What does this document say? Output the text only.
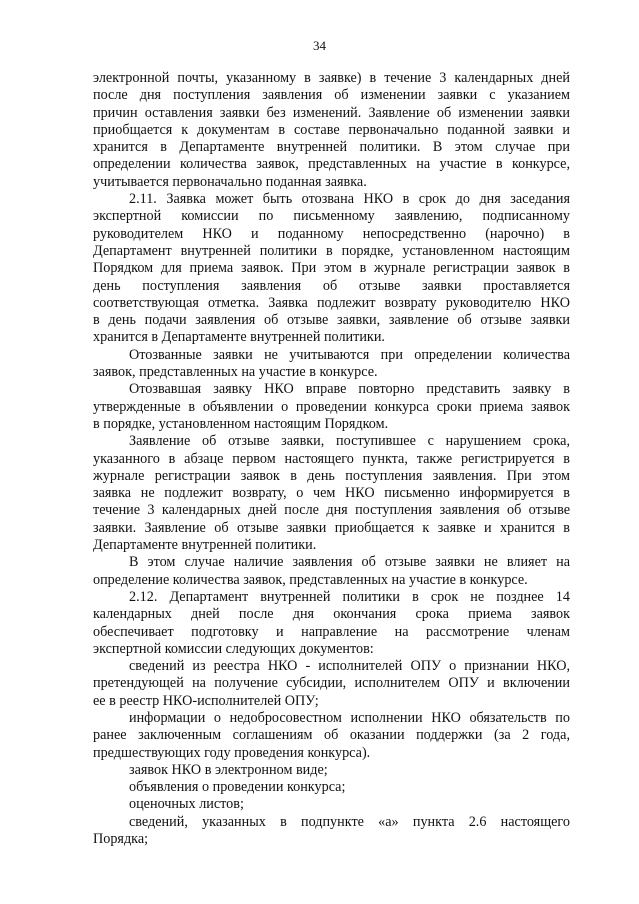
34
электронной почты, указанному в заявке) в течение 3 календарных дней
после дня поступления заявления об изменении заявки с указанием
причин оставления заявки без изменений. Заявление об изменении заявки
приобщается к документам в составе первоначально поданной заявки и
хранится в Департаменте внутренней политики. В этом случае при
определении количества заявок, представленных на участие в конкурсе,
учитывается первоначально поданная заявка.
2.11. Заявка может быть отозвана НКО в срок до дня заседания
экспертной комиссии по письменному заявлению, подписанному
руководителем НКО и поданному непосредственно (нарочно) в
Департамент внутренней политики в порядке, установленном настоящим
Порядком для приема заявок. При этом в журнале регистрации заявок в
день поступления заявления об отзыве заявки проставляется
соответствующая отметка. Заявка подлежит возврату руководителю НКО
в день подачи заявления об отзыве заявки, заявление об отзыве заявки
хранится в Департаменте внутренней политики.
Отозванные заявки не учитываются при определении количества
заявок, представленных на участие в конкурсе.
Отозвавшая заявку НКО вправе повторно представить заявку в
утвержденные в объявлении о проведении конкурса сроки приема заявок
в порядке, установленном настоящим Порядком.
Заявление об отзыве заявки, поступившее с нарушением срока,
указанного в абзаце первом настоящего пункта, также регистрируется в
журнале регистрации заявок в день поступления заявления. При этом
заявка не подлежит возврату, о чем НКО письменно информируется в
течение 3 календарных дней после дня поступления заявления об отзыве
заявки. Заявление об отзыве заявки приобщается к заявке и хранится в
Департаменте внутренней политики.
В этом случае наличие заявления об отзыве заявки не влияет на
определение количества заявок, представленных на участие в конкурсе.
2.12. Департамент внутренней политики в срок не позднее 14
календарных дней после дня окончания срока приема заявок
обеспечивает подготовку и направление на рассмотрение членам
экспертной комиссии следующих документов:
сведений из реестра НКО - исполнителей ОПУ о признании НКО,
претендующей на получение субсидии, исполнителем ОПУ и включении
ее в реестр НКО-исполнителей ОПУ;
информации о недобросовестном исполнении НКО обязательств по
ранее заключенным соглашениям об оказании поддержки (за 2 года,
предшествующих году проведения конкурса).
заявок НКО в электронном виде;
объявления о проведении конкурса;
оценочных листов;
сведений, указанных в подпункте «а» пункта 2.6 настоящего
Порядка;
